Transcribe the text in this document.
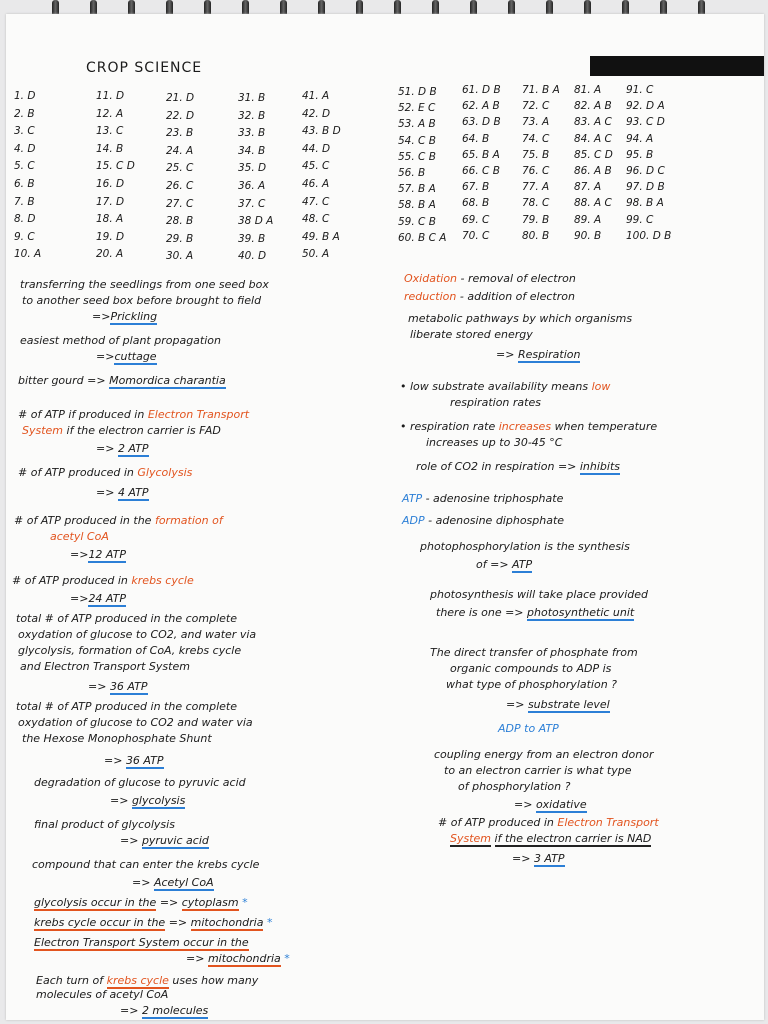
CROP SCIENCE
1. D
2. B
3. C
4. D
5. C
6. B
7. B
8. D
9. C
10. A
11. D
12. A
13. C
14. B
15. C D
16. D
17. D
18. A
19. D
20. A
21. D
22. D
23. B
24. A
25. C
26. C
27. C
28. B
29. B
30. A
31. B
32. B
33. B
34. B
35. D
36. A
37. C
38 D A
39. B
40. D
41. A
42. D
43. B D
44. D
45. C
46. A
47. C
48. C
49. B A
50. A
51. D B
52. E C
53. A B
54. C B
55. C B
56. B
57. B A
58. B A
59. C B
60. B C A
61. D B
62. A B
63. D B
64. B
65. B A
66. C B
67. B
68. B
69. C
70. C
71. B A
72. C
73. A
74. C
75. B
76. C
77. A
78. C
79. B
80. B
81. A
82. A B
83. A C
84. A C
85. C D
86. A B
87. A
88. A C
89. A
90. B
91. C
92. D A
93. C D
94. A
95. B
96. D C
97. D B
98. B A
99. C
100. D B
transferring the seedlings from one seed box
to another seed box before brought to field
=>Prickling
easiest method of plant propagation
=>cuttage
bitter gourd => Momordica charantia
# of ATP if produced in Electron Transport
System if the electron carrier is FAD
=> 2 ATP
# of ATP produced in Glycolysis
=> 4 ATP
# of ATP produced in the formation of
acetyl CoA
=>12 ATP
# of ATP produced in krebs cycle
=>24 ATP
total # of ATP produced in the complete
oxydation of glucose to CO2, and water via
glycolysis, formation of CoA, krebs cycle
and Electron Transport System
=> 36 ATP
total # of ATP produced in the complete
oxydation of glucose to CO2 and water via
the Hexose Monophosphate Shunt
=> 36 ATP
degradation of glucose to pyruvic acid
=> glycolysis
final product of glycolysis
=> pyruvic acid
compound that can enter the krebs cycle
=> Acetyl CoA
glycolysis occur in the => cytoplasm *
krebs cycle occur in the => mitochondria *
Electron Transport System occur in the
=> mitochondria *
Each turn of krebs cycle uses how many
molecules of acetyl CoA
=> 2 molecules
Oxidation - removal of electron
reduction - addition of electron
metabolic pathways by which organisms
liberate stored energy
=> Respiration
• low substrate availability means low
respiration rates
• respiration rate increases when temperature
increases up to 30-45 °C
role of CO2 in respiration => inhibits
ATP - adenosine triphosphate
ADP - adenosine diphosphate
photophosphorylation is the synthesis
of => ATP
photosynthesis will take place provided
there is one => photosynthetic unit
The direct transfer of phosphate from
organic compounds to ADP is
what type of phosphorylation ?
=> substrate level
ADP to ATP
coupling energy from an electron donor
to an electron carrier is what type
of phosphorylation ?
=> oxidative
# of ATP produced in Electron Transport
System if the electron carrier is NAD
=> 3 ATP
